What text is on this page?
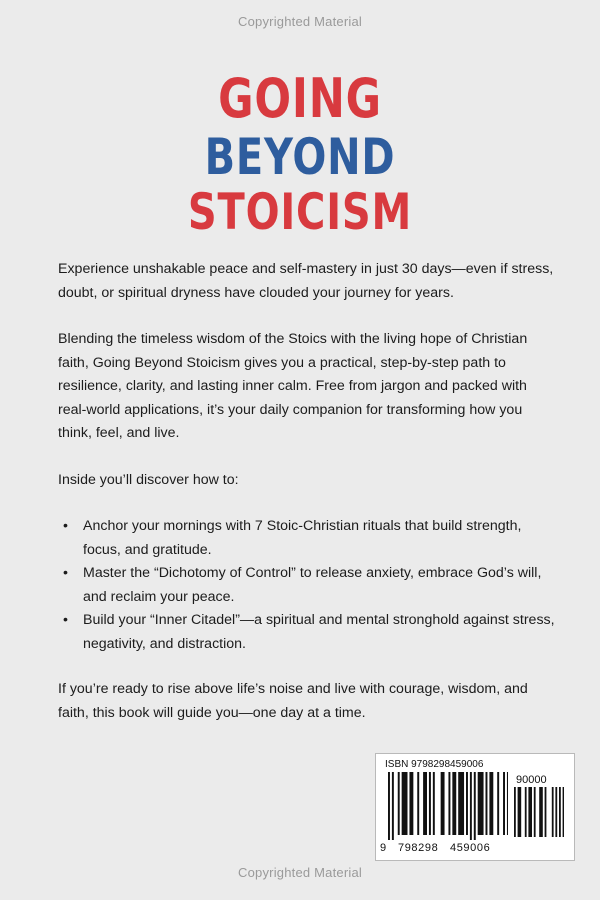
Copyrighted Material
GOING
BEYOND
STOICISM

Experience unshakable peace and self-mastery in just 30 days—even if stress, doubt, or spiritual dryness have clouded your journey for years.

Blending the timeless wisdom of the Stoics with the living hope of Christian faith, Going Beyond Stoicism gives you a practical, step-by-step path to resilience, clarity, and lasting inner calm. Free from jargon and packed with real-world applications, it’s your daily companion for transforming how you think, feel, and live.

Inside you’ll discover how to:

• Anchor your mornings with 7 Stoic-Christian rituals that build strength, focus, and gratitude.
• Master the “Dichotomy of Control” to release anxiety, embrace God’s will, and reclaim your peace.
• Build your “Inner Citadel”—a spiritual and mental stronghold against stress, negativity, and distraction.

If you’re ready to rise above life’s noise and live with courage, wisdom, and faith, this book will guide you—one day at a time.

ISBN 9798298459006
90000
9 798298 459006
Copyrighted Material
